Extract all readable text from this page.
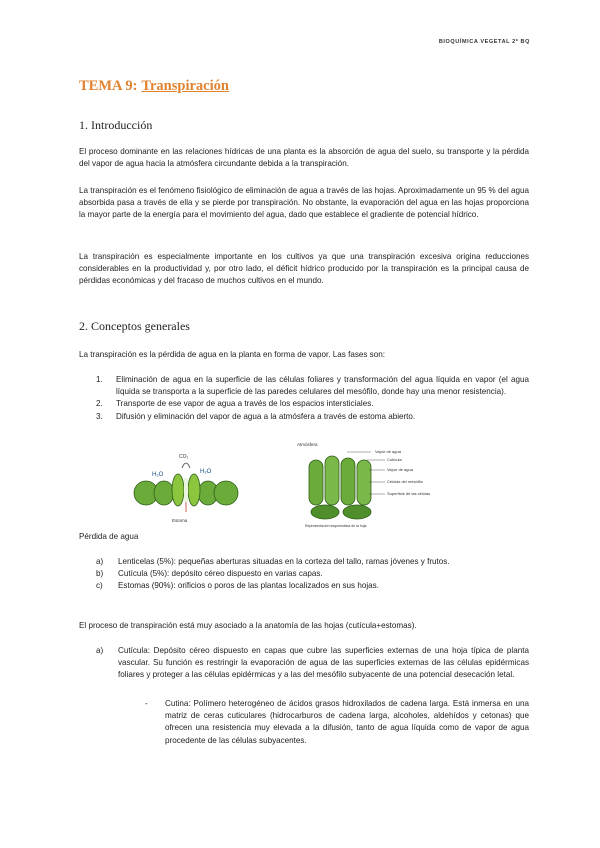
BIOQUÍMICA VEGETAL 2º BQ
TEMA 9: Transpiración
1. Introducción

El proceso dominante en las relaciones hídricas de una planta es la absorción de agua del suelo, su transporte y la pérdida del vapor de agua hacia la atmósfera circundante debida a la transpiración.

La transpiración es el fenómeno fisiológico de eliminación de agua a través de las hojas. Aproximadamente un 95 % del agua absorbida pasa a través de ella y se pierde por transpiración. No obstante, la evaporación del agua en las hojas proporciona la mayor parte de la energía para el movimiento del agua, dado que establece el gradiente de potencial hídrico.

La transpiración es especialmente importante en los cultivos ya que una transpiración excesiva origina reducciones considerables en la productividad y, por otro lado, el déficit hídrico producido por la transpiración es la principal causa de pérdidas económicas y del fracaso de muchos cultivos en el mundo.

2. Conceptos generales

La transpiración es la pérdida de agua en la planta en forma de vapor. Las fases son:

1. Eliminación de agua en la superficie de las células foliares y transformación del agua líquida en vapor (el agua líquida se transporta a la superficie de las paredes celulares del mesófilo, donde hay una menor resistencia).
2. Transporte de ese vapor de agua a través de los espacios intersticiales.
3. Difusión y eliminación del vapor de agua a la atmósfera a través de estoma abierto.
H₂O	H₂O
CO₂
Estoma
Atmósfera
Vapor de agua
Cutícula
Vapor de agua
Células del mesófilo
Superficie de las células
Representación esquemática de la hoja

Pérdida de agua

a) Lenticelas (5%): pequeñas aberturas situadas en la corteza del tallo, ramas jóvenes y frutos.
b) Cutícula (5%): depósito céreo dispuesto en varias capas.
c) Estomas (90%): orificios o poros de las plantas localizados en sus hojas.

El proceso de transpiración está muy asociado a la anatomía de las hojas (cutícula+estomas).

a) Cutícula: Depósito céreo dispuesto en capas que cubre las superficies externas de una hoja típica de planta vascular. Su función es restringir la evaporación de agua de las superficies externas de las células epidérmicas foliares y proteger a las células epidérmicas y a las del mesófilo subyacente de una potencial desecación letal.
- Cutina: Polímero heterogéneo de ácidos grasos hidroxilados de cadena larga. Está inmersa en una matriz de ceras cuticulares (hidrocarburos de cadena larga, alcoholes, aldehídos y cetonas) que ofrecen una resistencia muy elevada a la difusión, tanto de agua líquida como de vapor de agua procedente de las células subyacentes.
